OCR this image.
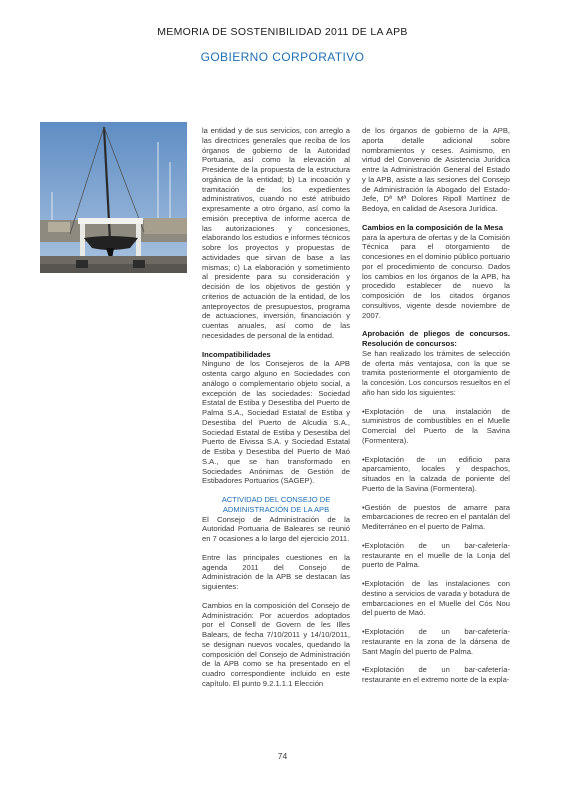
MEMORIA DE SOSTENIBILIDAD 2011 DE LA APB
GOBIERNO CORPORATIVO

la entidad y de sus servicios, con arreglo a las directrices generales que reciba de los órganos de gobierno de la Autoridad Portuaria, así como la elevación al Presidente de la propuesta de la estructura orgánica de la entidad; b) La incoación y tramitación de los expedientes administrativos, cuando no esté atribuido expresamente a otro órgano, así como la emisión preceptiva de informe acerca de las autorizaciones y concesiones, elaborando los estudios e informes técnicos sobre los proyectos y propuestas de actividades que sirvan de base a las mismas; c) La elaboración y sometimiento al presidente para su consideración y decisión de los objetivos de gestión y criterios de actuación de la entidad, de los anteproyectos de presupuestos, programa de actuaciones, inversión, financiación y cuentas anuales, así como de las necesidades de personal de la entidad.

Incompatibilidades

Ninguno de los Consejeros de la APB ostenta cargo alguno en Sociedades con análogo o complementario objeto social, a excepción de las sociedades: Sociedad Estatal de Estiba y Desestiba del Puerto de Palma S.A., Sociedad Estatal de Estiba y Desestiba del Puerto de Alcudia S.A., Sociedad Estatal de Estiba y Desestiba del Puerto de Eivissa S.A. y Sociedad Estatal de Estiba y Desestiba del Puerto de Maó S.A., que se han transformado en Sociedades Anónimas de Gestión de Estibadores Portuarios (SAGEP).

ACTIVIDAD DEL CONSEJO DE ADMINISTRACIÓN DE LA APB

El Consejo de Administración de la Autoridad Portuaria de Baleares se reunió en 7 ocasiones a lo largo del ejercicio 2011.

Entre las principales cuestiones en la agenda 2011 del Consejo de Administración de la APB se destacan las siguientes:

Cambios en la composición del Consejo de Administración: Por acuerdos adoptados por el Consell de Govern de les Illes Balears, de fecha 7/10/2011 y 14/10/2011, se designan nuevos vocales, quedando la composición del Consejo de Administración de la APB como se ha presentado en el cuadro correspondiente incluido en este capítulo. El punto 9.2.1.1.1 Elección

de los órganos de gobierno de la APB, aporta detalle adicional sobre nombramientos y ceses. Asimismo, en virtud del Convenio de Asistencia Jurídica entre la Administración General del Estado y la APB, asiste a las sesiones del Consejo de Administración la Abogado del Estado-Jefe, Dª Mª Dolores Ripoll Martínez de Bedoya, en calidad de Asesora Jurídica.

Cambios en la composición de la Mesa

para la apertura de ofertas y de la Comisión Técnica para el otorgamiento de concesiones en el dominio público portuario por el procedimiento de concurso. Dados los cambios en los órganos de la APB, ha procedido establecer de nuevo la composición de los citados órganos consultivos, vigente desde noviembre de 2007.

Aprobación de pliegos de concursos. Resolución de concursos:

Se han realizado los trámites de selección de oferta más ventajosa, con la que se tramita posteriormente el otorgamiento de la concesión. Los concursos resueltos en el año han sido los siguientes:

•Explotación de una instalación de suministros de combustibles en el Muelle Comercial del Puerto de la Savina (Formentera).

•Explotación de un edificio para aparcamiento, locales y despachos, situados en la calzada de poniente del Puerto de la Savina (Formentera).

•Gestión de puestos de amarre para embarcaciones de recreo en el pantalán del Mediterráneo en el puerto de Palma.

•Explotación de un bar-cafetería-restaurante en el muelle de la Lonja del puerto de Palma.

•Explotación de las instalaciones con destino a servicios de varada y botadura de embarcaciones en el Muelle del Cós Nou del puerto de Maó.

•Explotación de un bar-cafetería-restaurante en la zona de la dársena de Sant Magín del puerto de Palma.

•Explotación de un bar-cafetería-restaurante en el extremo norte de la expla-

74
